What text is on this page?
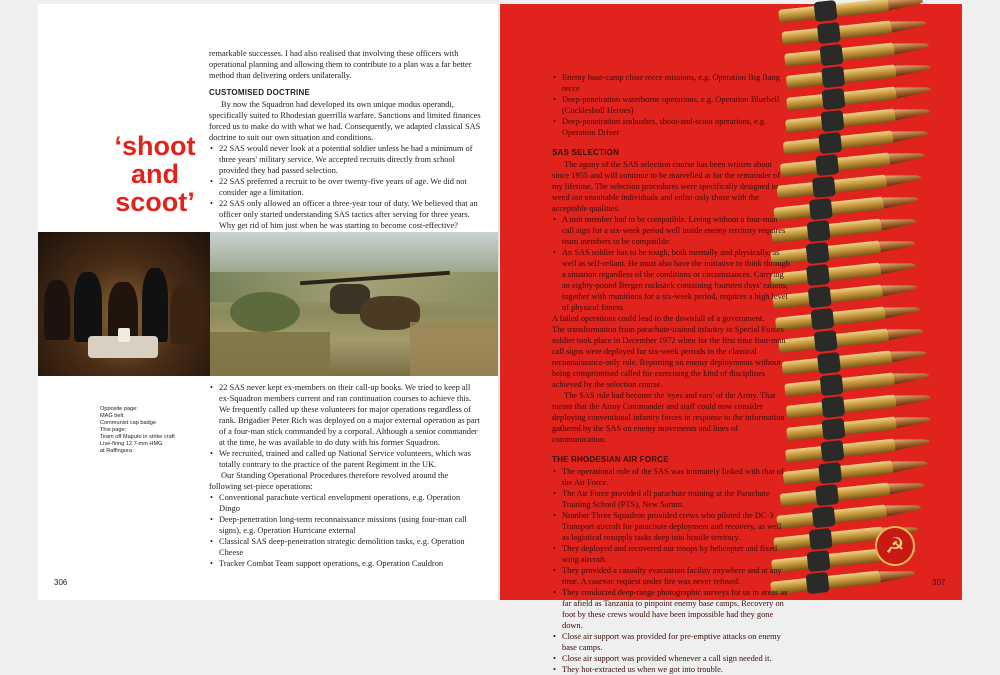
remarkable successes. I had also realised that involving these officers with operational planning and allowing them to contribute to a plan was a far better method than delivering orders unilaterally.

CUSTOMISED DOCTRINE

By now the Squadron had developed its own unique modus operandi, specifically suited to Rhodesian guerrilla warfare. Sanctions and limited finances forced us to make do with what we had. Consequently, we adapted classical SAS doctrine to suit our own situation and conditions.

• 22 SAS would never look at a potential soldier unless he had a minimum of three years' military service. We accepted recruits directly from school provided they had passed selection.
• 22 SAS preferred a recruit to be over twenty-five years of age. We did not consider age a limitation.
• 22 SAS only allowed an officer a three-year tour of duty. We believed that an officer only started understanding SAS tactics after serving for three years. Why get rid of him just when he was starting to become cost-effective?
‘shoot and scoot’
Opposite page:
MAG belt
Communist cap badge
This page:
Team off Maputo in strike craft
Live-firing 12.7-mm HMG
at Raffingora
• 22 SAS never kept ex-members on their call-up books. We tried to keep all ex-Squadron members current and ran continuation courses to achieve this. We frequently called up these volunteers for major operations regardless of rank. Brigadier Peter Rich was deployed on a major external operation as part of a four-man stick commanded by a corporal. Although a senior commander at the time, he was available to do duty with his former Squadron.
• We recruited, trained and called up National Service volunteers, which was totally contrary to the practice of the parent Regiment in the UK.

Our Standing Operational Procedures therefore revolved around the following set-piece operations:

• Conventional parachute vertical envelopment operations, e.g. Operation Dingo
• Deep-penetration long-term reconnaissance missions (using four-man call signs), e.g. Operation Hurricane external
• Classical SAS deep-penetration strategic demolition tasks, e.g. Operation Cheese
• Tracker Combat Team support operations, e.g. Operation Cauldron
306
• Enemy base-camp close recce missions, e.g. Operation Big Bang recce
• Deep-penetration waterborne operations, e.g. Operation Bluebell (Cocklesholl Heroes)
• Deep-penetration ambushes, shoot-and-scoot operations, e.g. Operation Driver
SAS SELECTION

The agony of the SAS selection course has been written about since 1955 and will continue to be marvelled at for the remainder of my lifetime. The selection procedures were specifically designed to weed out unsuitable individuals and enlist only those with the acceptable qualities.

• A unit member had to be compatible. Living without a four-man call sign for a six-week period well inside enemy territory requires team members to be compatible.
• An SAS soldier has to be tough, both mentally and physically, as well as self-reliant. He must also have the initiative to think through a situation regardless of the conditions or circumstances. Carrying an eighty-pound Bergen rucksack containing fourteen days' rations, together with munitions for a six-week period, requires a high level of physical fitness.

A failed operations could lead to the downfall of a government.

The transformation from parachute-trained infantry to Special Forces soldier took place in December 1972 when for the first time four-man call signs were deployed for six-week periods in the classical reconnaissance-only role. Reporting on enemy deployments without being compromised called for exercising the kind of disciplines achieved by the selection course.

The SAS role had become the 'eyes and ears' of the Army. That meant that the Army Commander and staff could now consider deploying conventional infantry forces in response to the information gathered by the SAS on enemy movements and lines of communication.

THE RHODESIAN AIR FORCE
• The operational role of the SAS was intimately linked with that of the Air Force.
• The Air Force provided all parachute training at the Parachute Training School (PTS), New Sarum.
• Number Three Squadron provided crews who piloted the DC-3 Transport aircraft for parachute deployment and recovery, as well as logistical resupply tasks deep into hostile territory.
• They deployed and recovered our troops by helicopter and fixed wing aircraft.
• They provided a casualty evacuation facility anywhere and at any time. A casevac request under fire was never refused.
• They conducted deep-range photographic surveys for us in areas as far afield as Tanzania to pinpoint enemy base camps. Recovery on foot by these crews would have been impossible had they gone down.
• Close air support was provided for pre-emptive attacks on enemy base camps.
• Close air support was provided whenever a call sign needed it.
• They hot-extracted us when we got into trouble.
☭
307
